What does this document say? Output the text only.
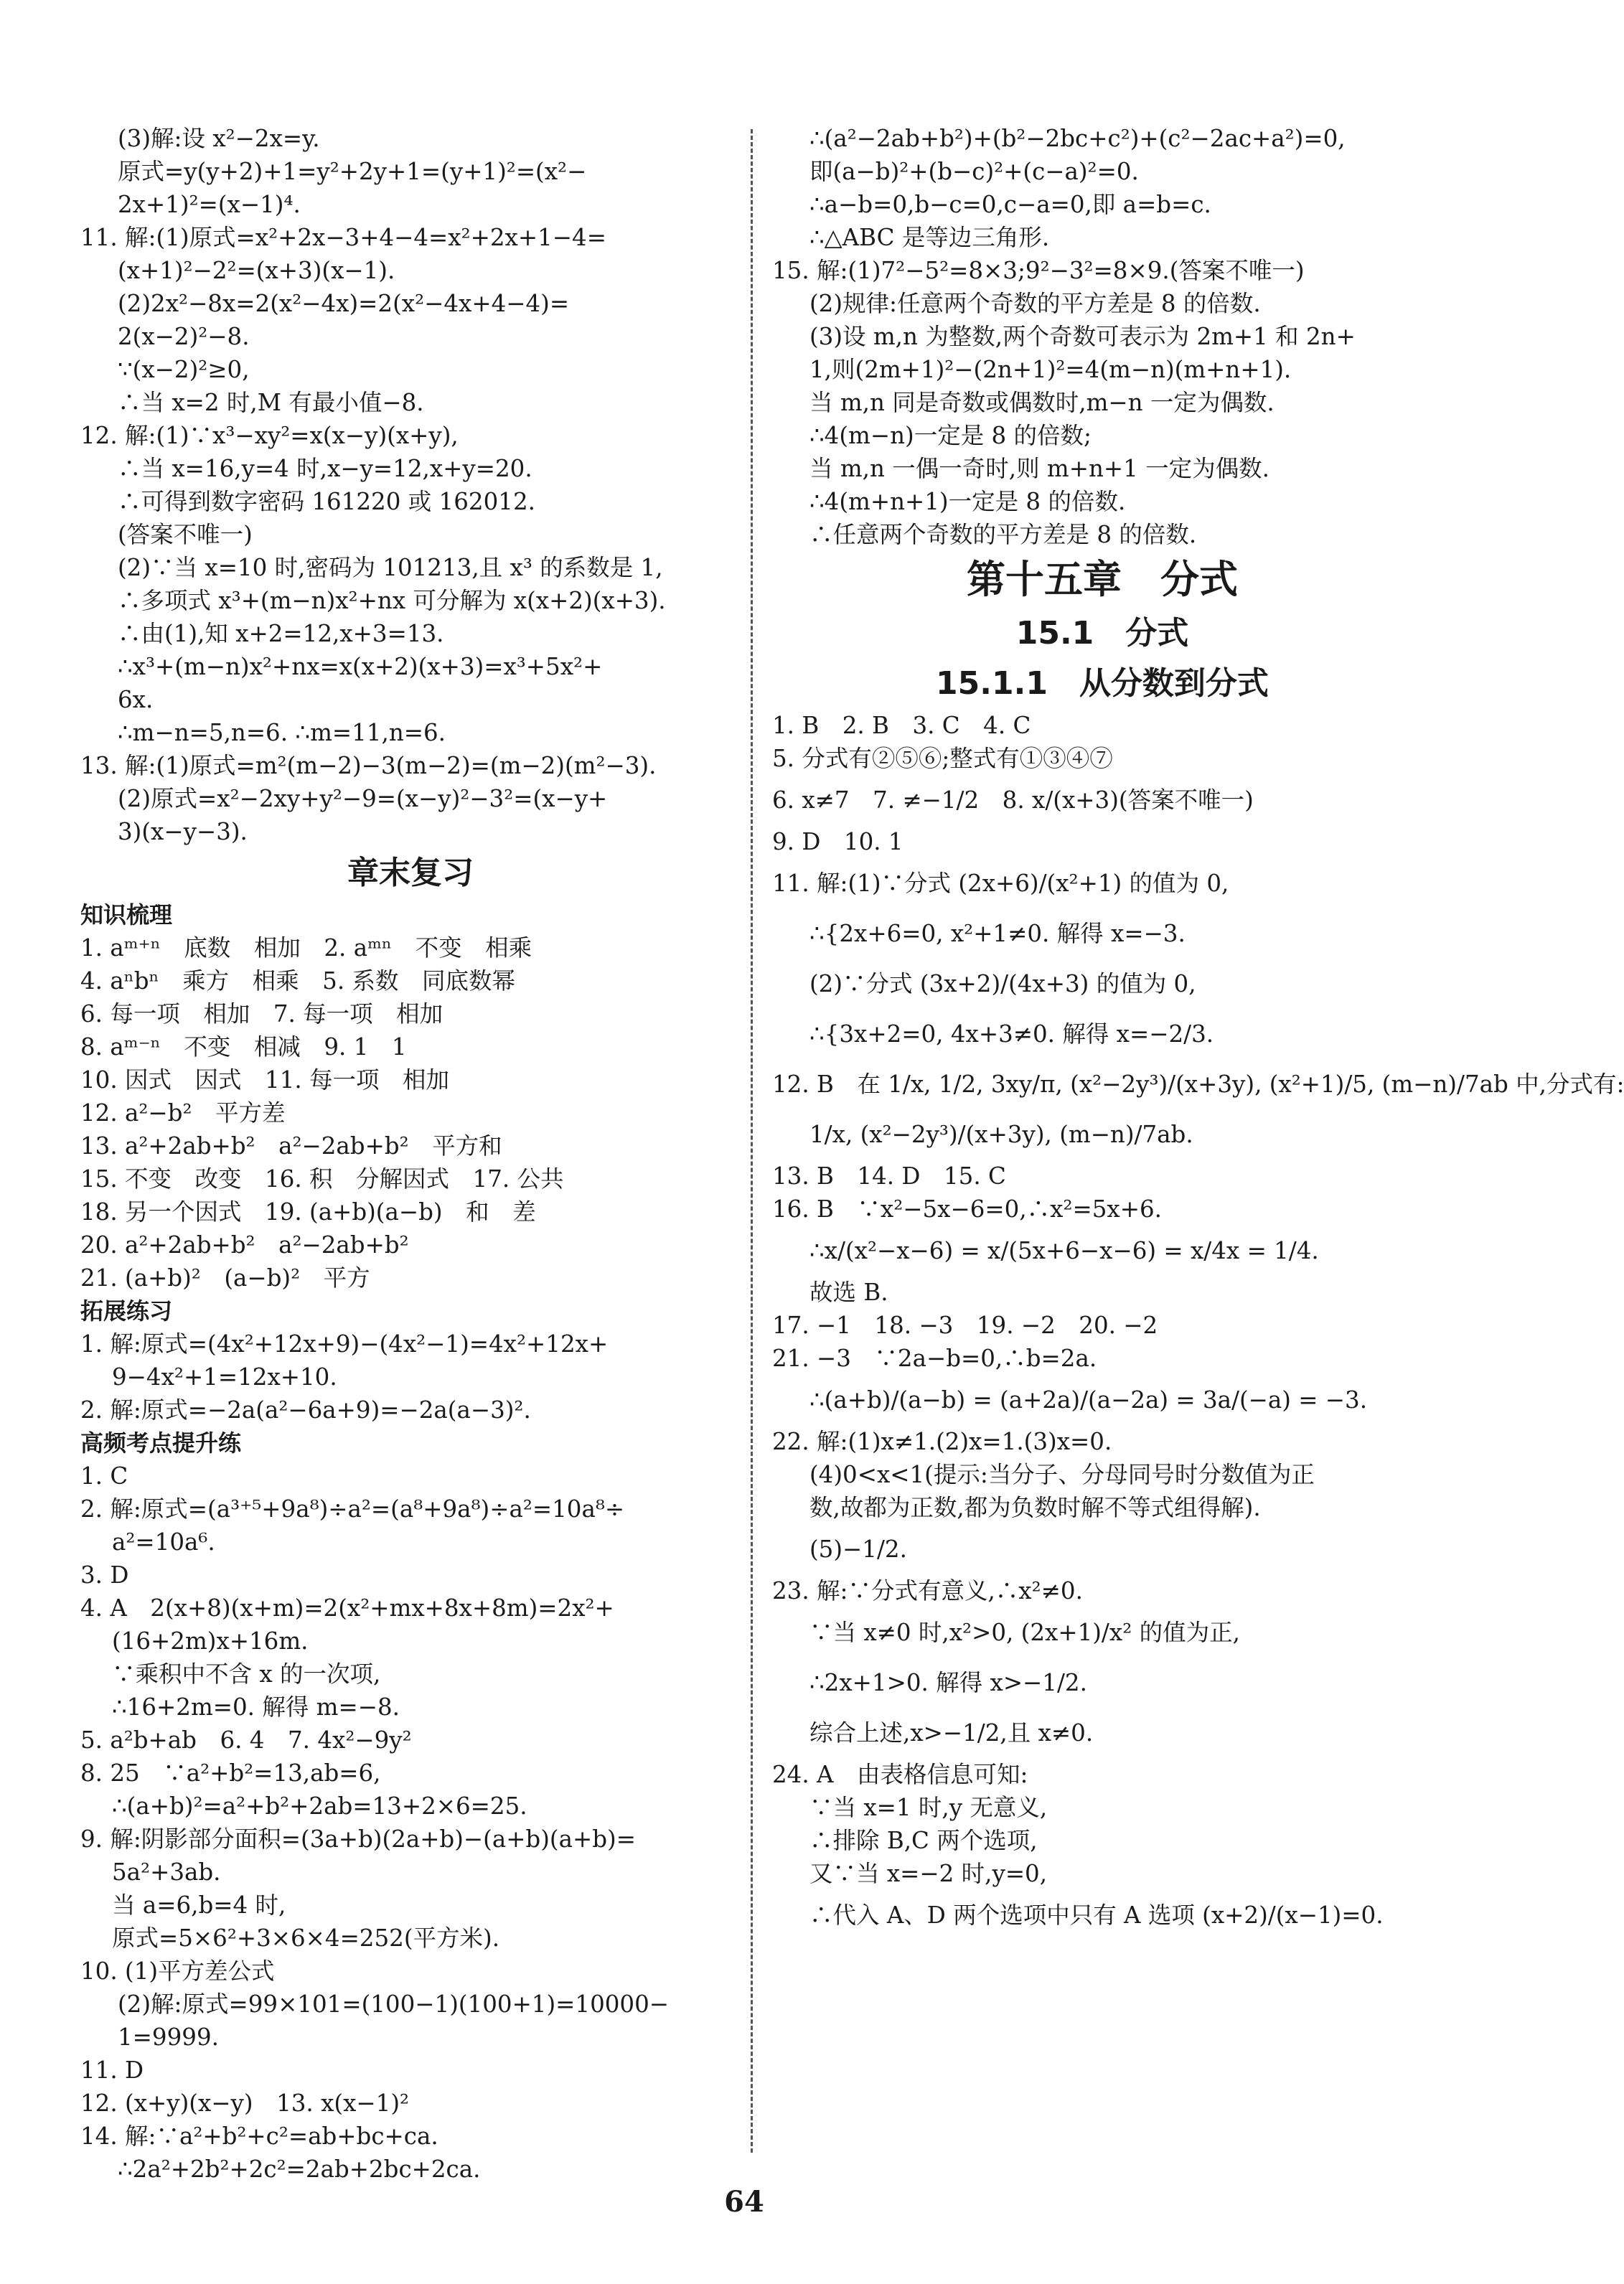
(3)解:设 x²−2x=y.
原式=y(y+2)+1=y²+2y+1=(y+1)²=(x²−
2x+1)²=(x−1)⁴.
11. 解:(1)原式=x²+2x−3+4−4=x²+2x+1−4=
(x+1)²−2²=(x+3)(x−1).
(2)2x²−8x=2(x²−4x)=2(x²−4x+4−4)=
2(x−2)²−8.
∵(x−2)²≥0,
∴当 x=2 时,M 有最小值−8.
12. 解:(1)∵x³−xy²=x(x−y)(x+y),
∴当 x=16,y=4 时,x−y=12,x+y=20.
∴可得到数字密码 161220 或 162012.
(答案不唯一)
(2)∵当 x=10 时,密码为 101213,且 x³ 的系数是 1,
∴多项式 x³+(m−n)x²+nx 可分解为 x(x+2)(x+3).
∴由(1),知 x+2=12,x+3=13.
∴x³+(m−n)x²+nx=x(x+2)(x+3)=x³+5x²+
6x.
∴m−n=5,n=6. ∴m=11,n=6.
13. 解:(1)原式=m²(m−2)−3(m−2)=(m−2)(m²−3).
(2)原式=x²−2xy+y²−9=(x−y)²−3²=(x−y+
3)(x−y−3).
章末复习
知识梳理
1. aᵐ⁺ⁿ　底数　相加　2. aᵐⁿ　不变　相乘
4. aⁿbⁿ　乘方　相乘　5. 系数　同底数幂
6. 每一项　相加　7. 每一项　相加
8. aᵐ⁻ⁿ　不变　相减　9. 1　1
10. 因式　因式　11. 每一项　相加
12. a²−b²　平方差
13. a²+2ab+b²　a²−2ab+b²　平方和
15. 不变　改变　16. 积　分解因式　17. 公共
18. 另一个因式　19. (a+b)(a−b)　和　差
20. a²+2ab+b²　a²−2ab+b²
21. (a+b)²　(a−b)²　平方
拓展练习
1. 解:原式=(4x²+12x+9)−(4x²−1)=4x²+12x+
9−4x²+1=12x+10.
2. 解:原式=−2a(a²−6a+9)=−2a(a−3)².
高频考点提升练
1. C
2. 解:原式=(a³⁺⁵+9a⁸)÷a²=(a⁸+9a⁸)÷a²=10a⁸÷
a²=10a⁶.
3. D
4. A　2(x+8)(x+m)=2(x²+mx+8x+8m)=2x²+
(16+2m)x+16m.
∵乘积中不含 x 的一次项,
∴16+2m=0. 解得 m=−8.
5. a²b+ab　6. 4　7. 4x²−9y²
8. 25　∵a²+b²=13,ab=6,
∴(a+b)²=a²+b²+2ab=13+2×6=25.
9. 解:阴影部分面积=(3a+b)(2a+b)−(a+b)(a+b)=
5a²+3ab.
当 a=6,b=4 时,
原式=5×6²+3×6×4=252(平方米).
10. (1)平方差公式
(2)解:原式=99×101=(100−1)(100+1)=10000−
1=9999.
11. D
12. (x+y)(x−y)　13. x(x−1)²
14. 解:∵a²+b²+c²=ab+bc+ca.
∴2a²+2b²+2c²=2ab+2bc+2ca.
∴(a²−2ab+b²)+(b²−2bc+c²)+(c²−2ac+a²)=0,
即(a−b)²+(b−c)²+(c−a)²=0.
∴a−b=0,b−c=0,c−a=0,即 a=b=c.
∴△ABC 是等边三角形.
15. 解:(1)7²−5²=8×3;9²−3²=8×9.(答案不唯一)
(2)规律:任意两个奇数的平方差是 8 的倍数.
(3)设 m,n 为整数,两个奇数可表示为 2m+1 和 2n+
1,则(2m+1)²−(2n+1)²=4(m−n)(m+n+1).
当 m,n 同是奇数或偶数时,m−n 一定为偶数.
∴4(m−n)一定是 8 的倍数;
当 m,n 一偶一奇时,则 m+n+1 一定为偶数.
∴4(m+n+1)一定是 8 的倍数.
∴任意两个奇数的平方差是 8 的倍数.
第十五章　分式
15.1　分式
15.1.1　从分数到分式
1. B　2. B　3. C　4. C
5. 分式有②⑤⑥;整式有①③④⑦
6. x≠7　7. ≠−1/2　8. x/(x+3)(答案不唯一)
9. D　10. 1
11. 解:(1)∵分式 (2x+6)/(x²+1) 的值为 0,
∴{2x+6=0, x²+1≠0. 解得 x=−3.
(2)∵分式 (3x+2)/(4x+3) 的值为 0,
∴{3x+2=0, 4x+3≠0. 解得 x=−2/3.
12. B　在 1/x, 1/2, 3xy/π, (x²−2y³)/(x+3y), (x²+1)/5, (m−n)/7ab 中,分式有:
1/x, (x²−2y³)/(x+3y), (m−n)/7ab.
13. B　14. D　15. C
16. B　∵x²−5x−6=0,∴x²=5x+6.
∴x/(x²−x−6) = x/(5x+6−x−6) = x/4x = 1/4.
故选 B.
17. −1　18. −3　19. −2　20. −2
21. −3　∵2a−b=0,∴b=2a.
∴(a+b)/(a−b) = (a+2a)/(a−2a) = 3a/(−a) = −3.
22. 解:(1)x≠1.(2)x=1.(3)x=0.
(4)0<x<1(提示:当分子、分母同号时分数值为正
数,故都为正数,都为负数时解不等式组得解).
(5)−1/2.
23. 解:∵分式有意义,∴x²≠0.
∵当 x≠0 时,x²>0, (2x+1)/x² 的值为正,
∴2x+1>0. 解得 x>−1/2.
综合上述,x>−1/2,且 x≠0.
24. A　由表格信息可知:
∵当 x=1 时,y 无意义,
∴排除 B,C 两个选项,
又∵当 x=−2 时,y=0,
∴代入 A、D 两个选项中只有 A 选项 (x+2)/(x−1)=0.
64
